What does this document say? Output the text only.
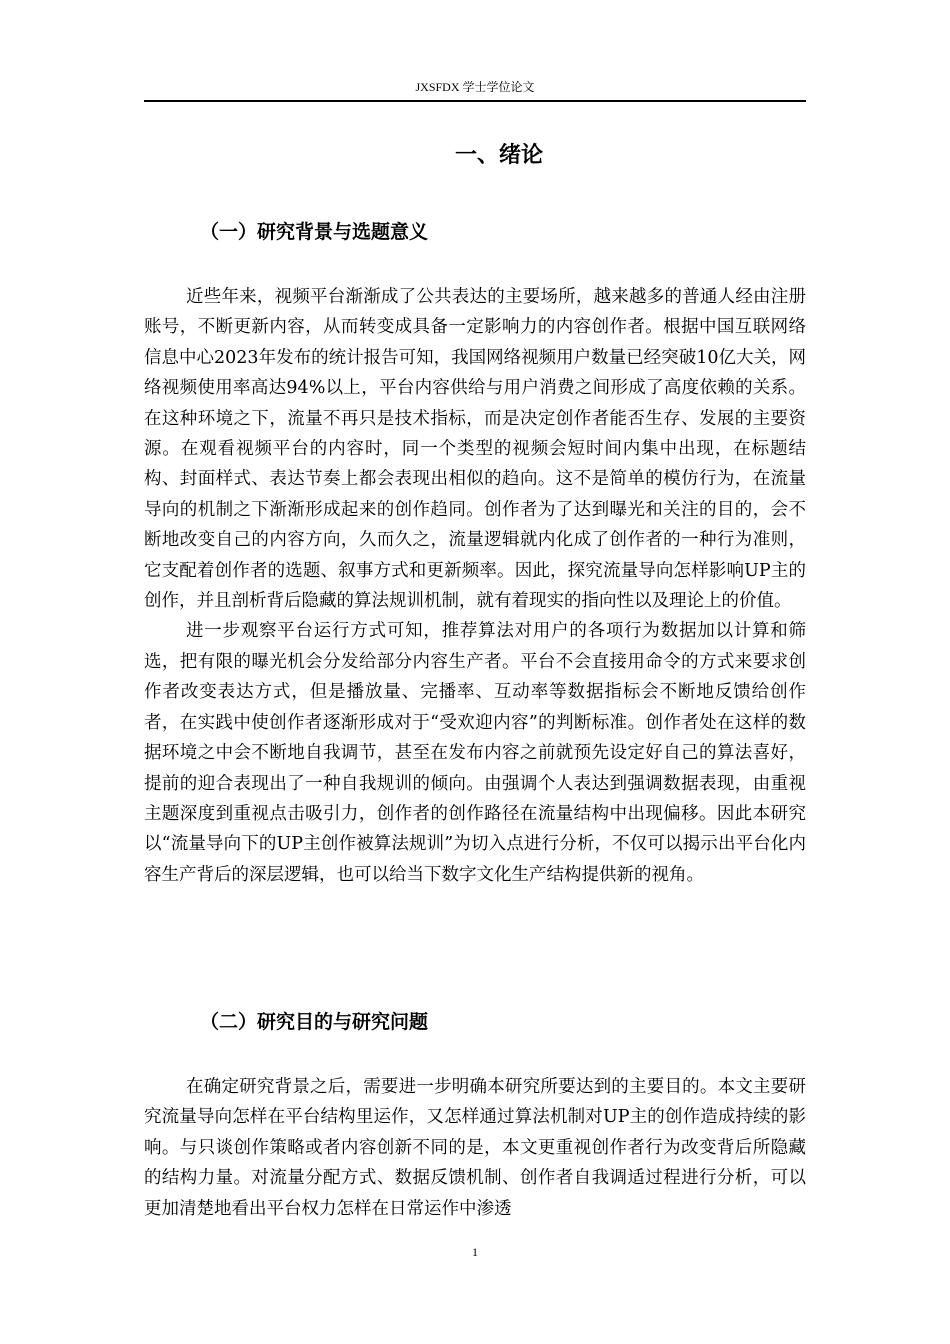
JXSFDX 学士学位论文
一、绪论
（一）研究背景与选题意义

近些年来，视频平台渐渐成了公共表达的主要场所，越来越多的普通人经由注册账号，不断更新内容，从而转变成具备一定影响力的内容创作者。根据中国互联网络信息中心2023年发布的统计报告可知，我国网络视频用户数量已经突破10亿大关，网络视频使用率高达94%以上，平台内容供给与用户消费之间形成了高度依赖的关系。在这种环境之下，流量不再只是技术指标，而是决定创作者能否生存、发展的主要资源。在观看视频平台的内容时，同一个类型的视频会短时间内集中出现，在标题结构、封面样式、表达节奏上都会表现出相似的趋向。这不是简单的模仿行为，在流量导向的机制之下渐渐形成起来的创作趋同。创作者为了达到曝光和关注的目的，会不断地改变自己的内容方向，久而久之，流量逻辑就内化成了创作者的一种行为准则，它支配着创作者的选题、叙事方式和更新频率。因此，探究流量导向怎样影响UP主的创作，并且剖析背后隐藏的算法规训机制，就有着现实的指向性以及理论上的价值。

进一步观察平台运行方式可知，推荐算法对用户的各项行为数据加以计算和筛选，把有限的曝光机会分发给部分内容生产者。平台不会直接用命令的方式来要求创作者改变表达方式，但是播放量、完播率、互动率等数据指标会不断地反馈给创作者，在实践中使创作者逐渐形成对于“受欢迎内容”的判断标准。创作者处在这样的数据环境之中会不断地自我调节，甚至在发布内容之前就预先设定好自己的算法喜好，提前的迎合表现出了一种自我规训的倾向。由强调个人表达到强调数据表现，由重视主题深度到重视点击吸引力，创作者的创作路径在流量结构中出现偏移。因此本研究以“流量导向下的UP主创作被算法规训”为切入点进行分析，不仅可以揭示出平台化内容生产背后的深层逻辑，也可以给当下数字文化生产结构提供新的视角。

（二）研究目的与研究问题

在确定研究背景之后，需要进一步明确本研究所要达到的主要目的。本文主要研究流量导向怎样在平台结构里运作，又怎样通过算法机制对UP主的创作造成持续的影响。与只谈创作策略或者内容创新不同的是，本文更重视创作者行为改变背后所隐藏的结构力量。对流量分配方式、数据反馈机制、创作者自我调适过程进行分析，可以更加清楚地看出平台权力怎样在日常运作中渗透

1
